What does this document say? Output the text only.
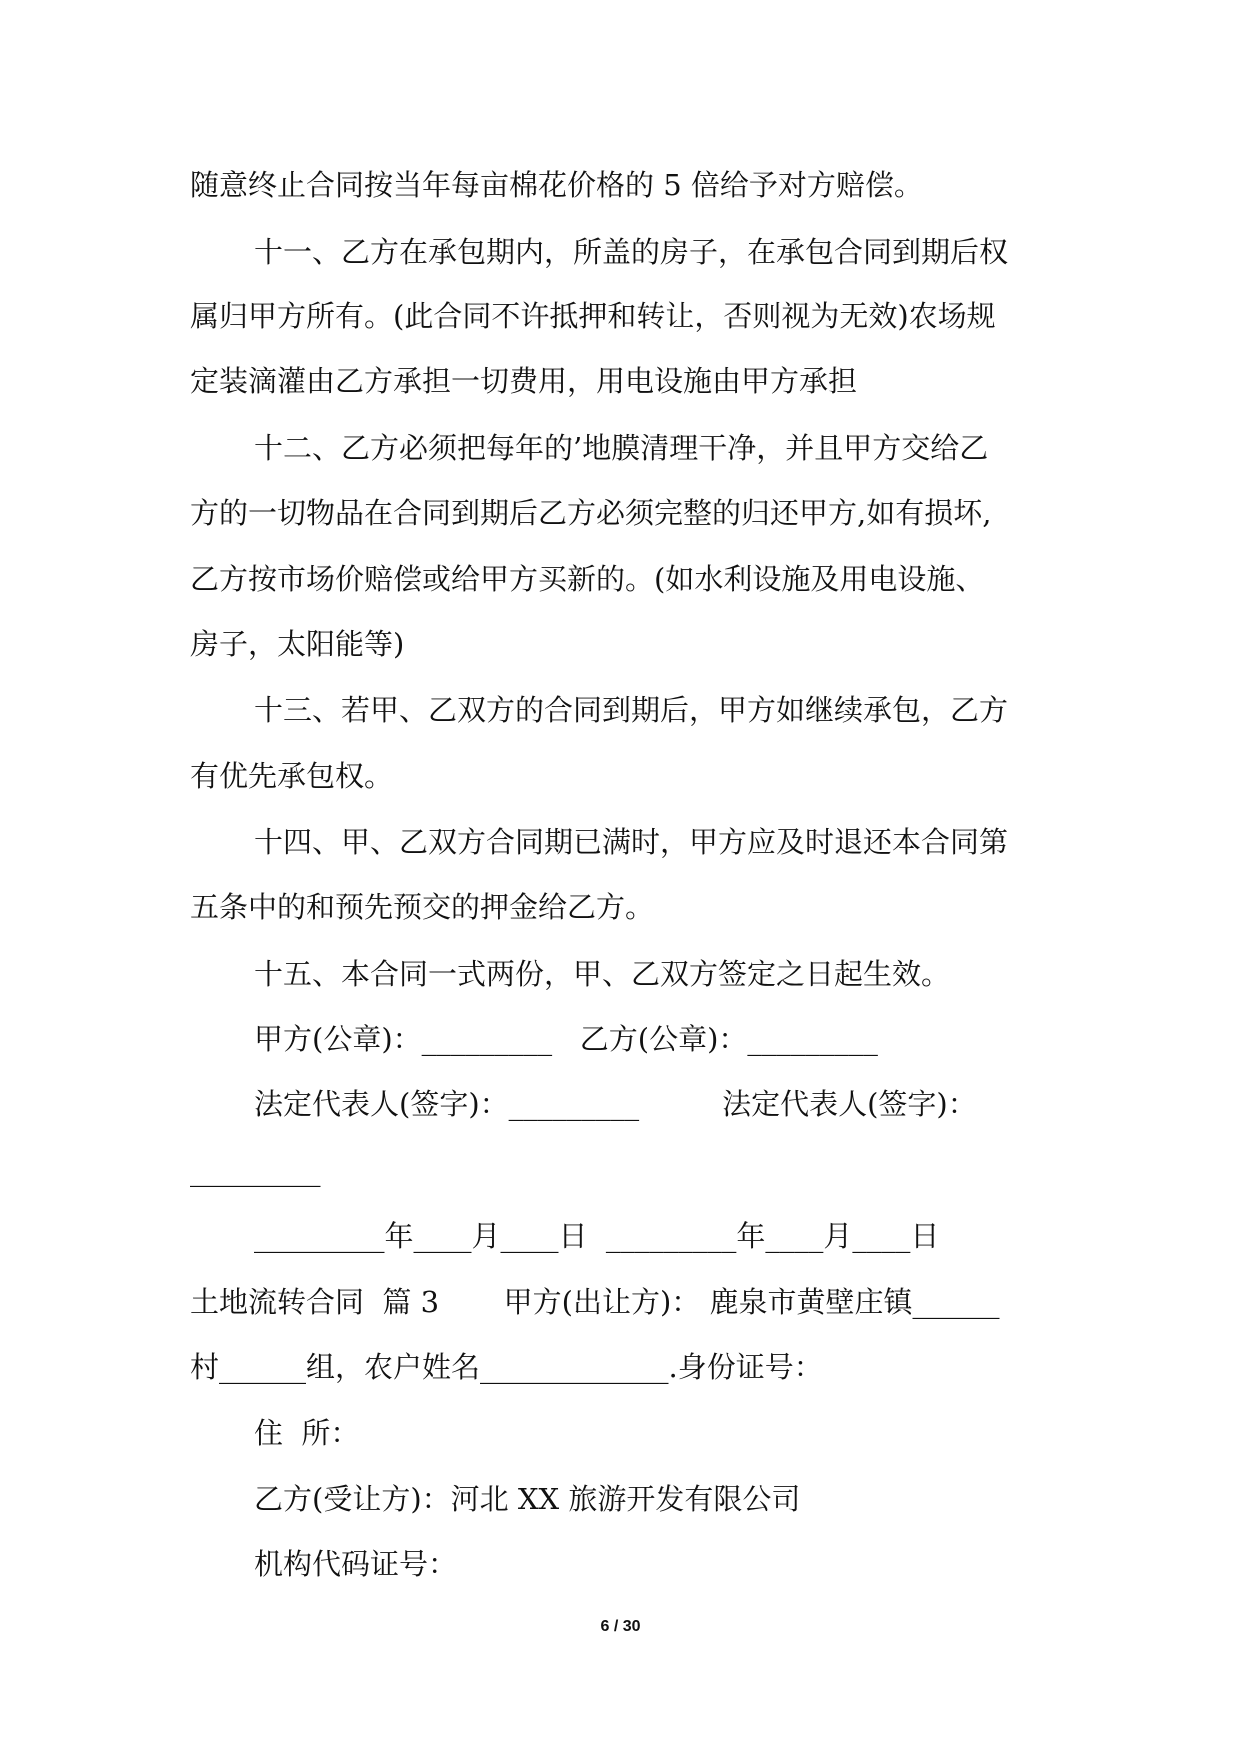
随意终止合同按当年每亩棉花价格的 5 倍给予对方赔偿。
十一、乙方在承包期内，所盖的房子，在承包合同到期后权
属归甲方所有。(此合同不许抵押和转让，否则视为无效)农场规
定装滴灌由乙方承担一切费用，用电设施由甲方承担
十二、乙方必须把每年的’地膜清理干净，并且甲方交给乙
方的一切物品在合同到期后乙方必须完整的归还甲方,如有损坏,
乙方按市场价赔偿或给甲方买新的。(如水利设施及用电设施、
房子，太阳能等)
十三、若甲、乙双方的合同到期后，甲方如继续承包，乙方
有优先承包权。
十四、甲、乙双方合同期已满时，甲方应及时退还本合同第
五条中的和预先预交的押金给乙方。
十五、本合同一式两份，甲、乙双方签定之日起生效。
甲方(公章)：_________   乙方(公章)：_________
法定代表人(签字)：_________         法定代表人(签字)：
_________
_________年____月____日  _________年____月____日
土地流转合同  篇 3       甲方(出让方)： 鹿泉市黄壁庄镇______
村______组，农户姓名_____________.身份证号：
住  所：
乙方(受让方)：河北 XX 旅游开发有限公司
机构代码证号：
6 / 30
